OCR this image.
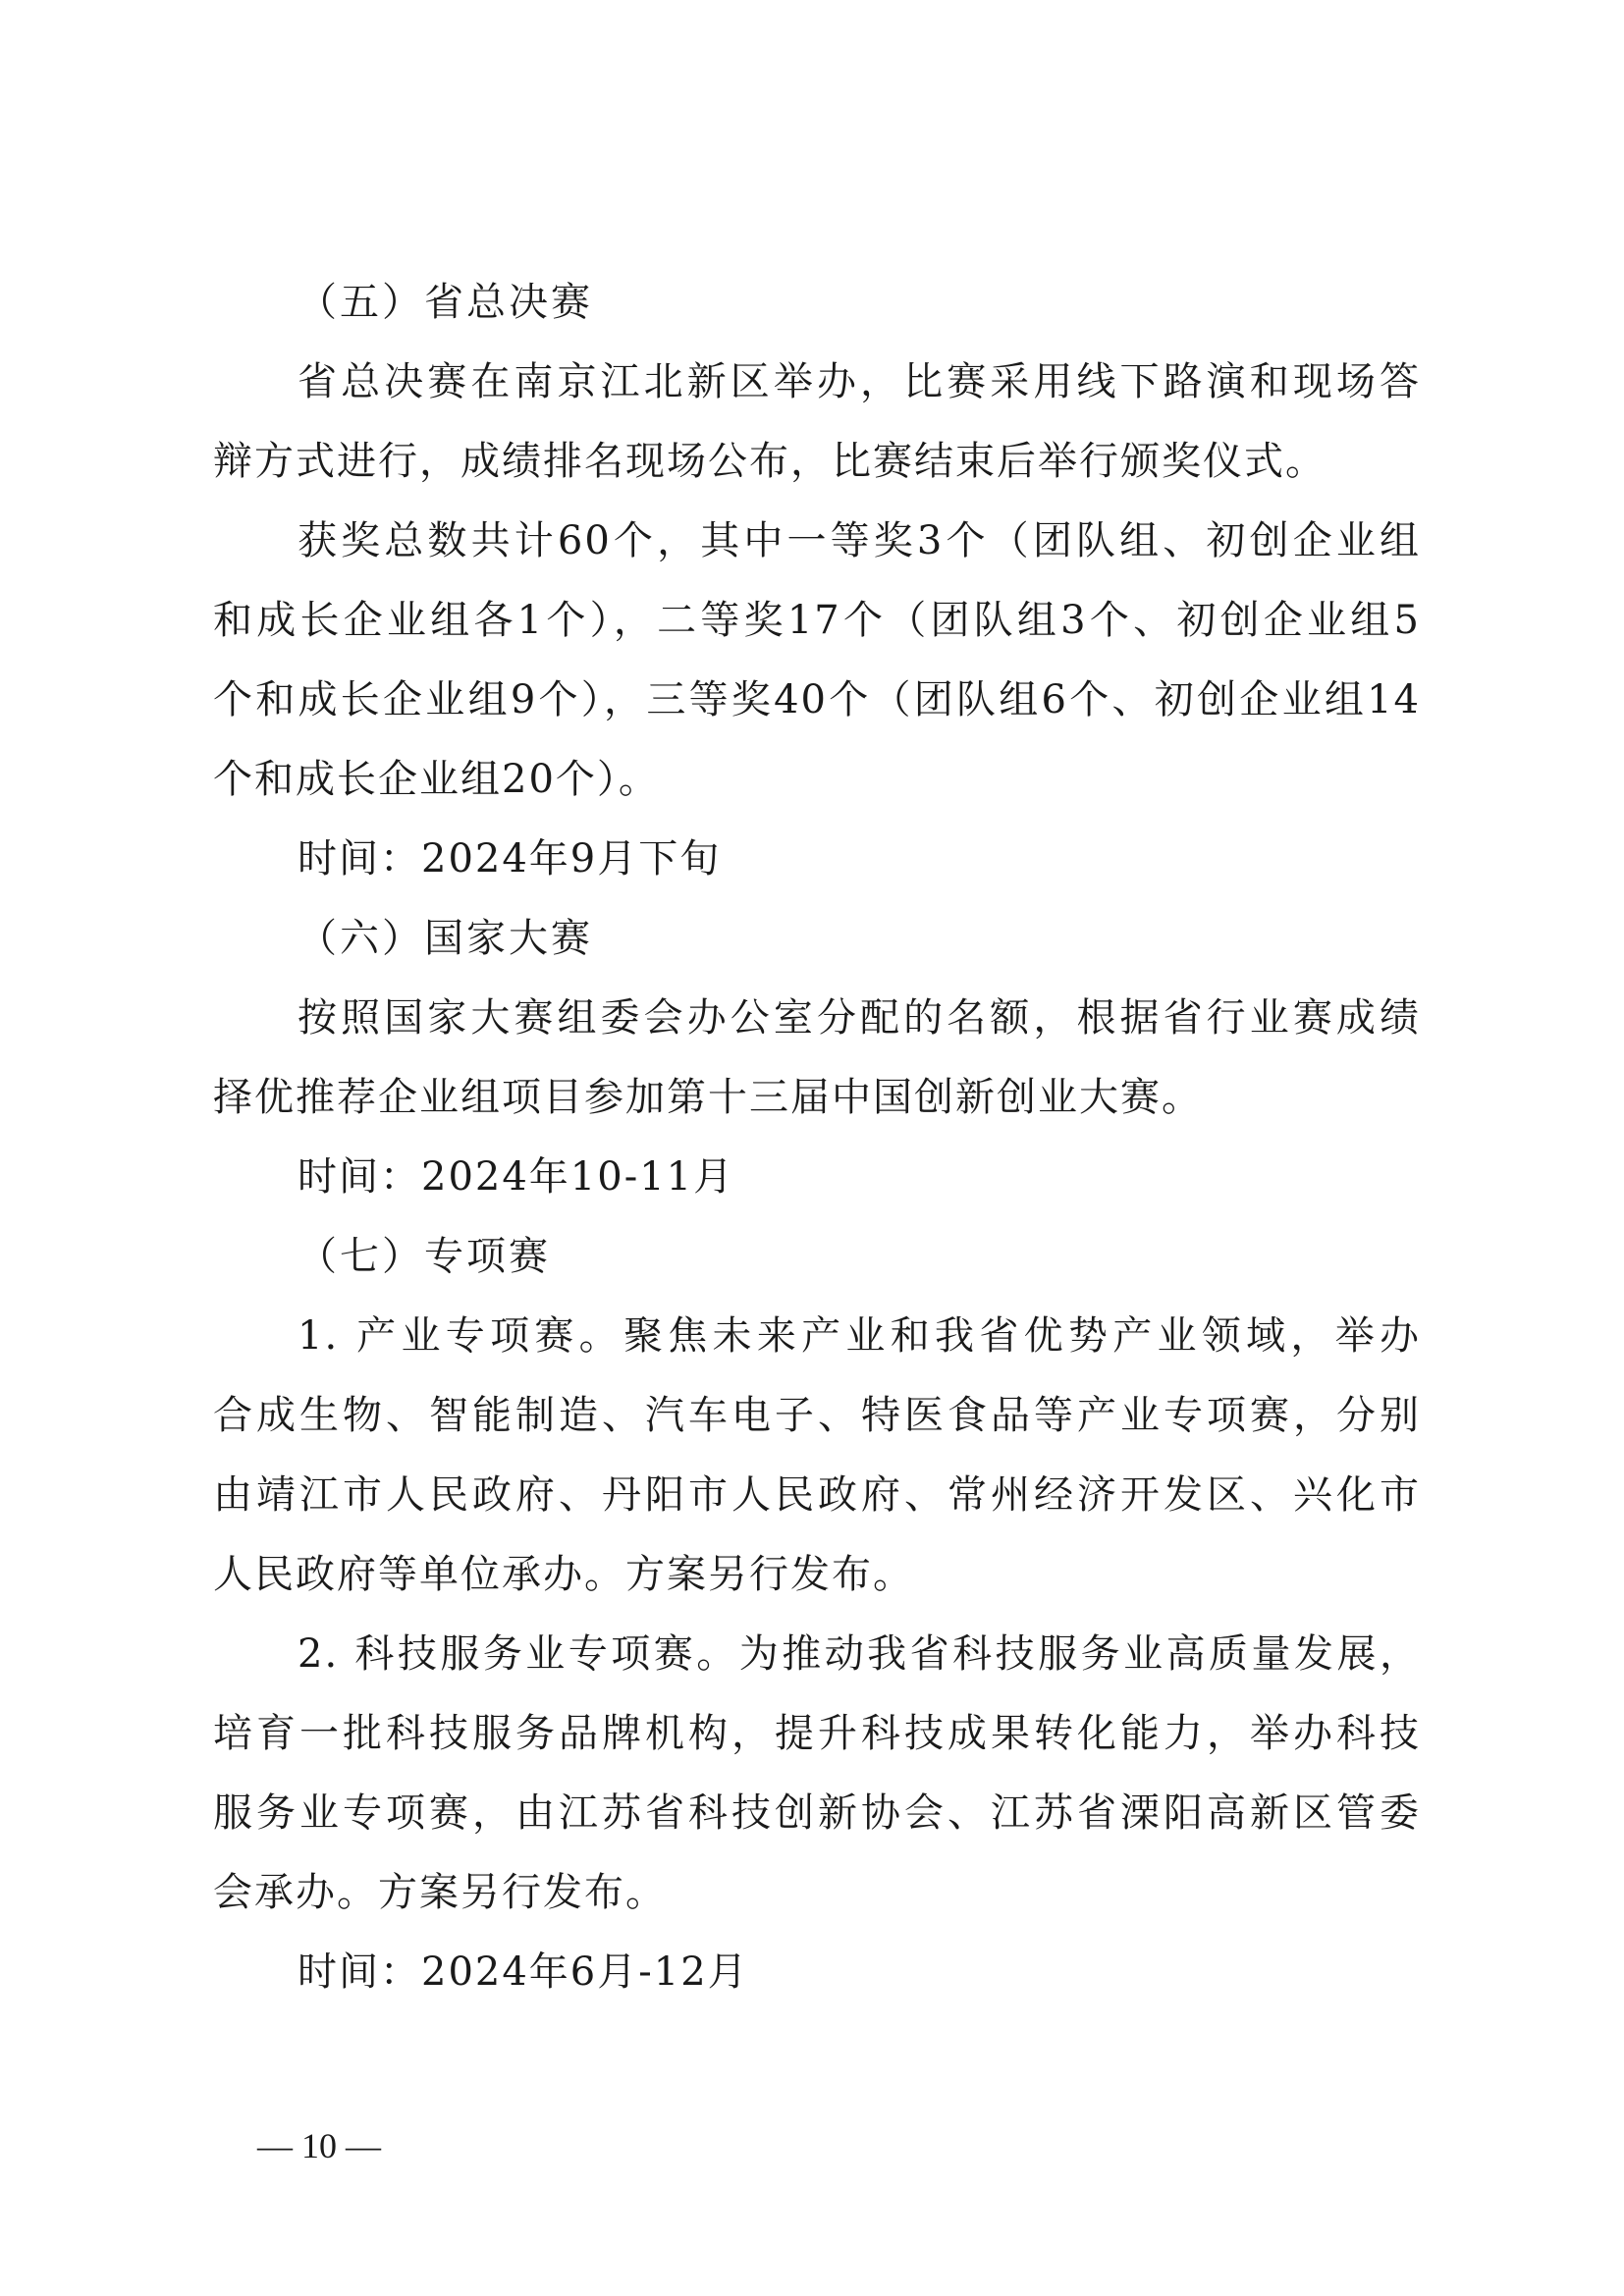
（五）省总决赛
省总决赛在南京江北新区举办，比赛采用线下路演和现场答
辩方式进行，成绩排名现场公布，比赛结束后举行颁奖仪式。
获奖总数共计60个，其中一等奖3个（团队组、初创企业组
和成长企业组各1个），二等奖17个（团队组3个、初创企业组5
个和成长企业组9个），三等奖40个（团队组6个、初创企业组14
个和成长企业组20个）。
时间：2024年9月下旬
（六）国家大赛
按照国家大赛组委会办公室分配的名额，根据省行业赛成绩
择优推荐企业组项目参加第十三届中国创新创业大赛。
时间：2024年10-11月
（七）专项赛
1. 产业专项赛。聚焦未来产业和我省优势产业领域，举办
合成生物、智能制造、汽车电子、特医食品等产业专项赛，分别
由靖江市人民政府、丹阳市人民政府、常州经济开发区、兴化市
人民政府等单位承办。方案另行发布。
2. 科技服务业专项赛。为推动我省科技服务业高质量发展，
培育一批科技服务品牌机构，提升科技成果转化能力，举办科技
服务业专项赛，由江苏省科技创新协会、江苏省溧阳高新区管委
会承办。方案另行发布。
时间：2024年6月-12月
— 10 —
